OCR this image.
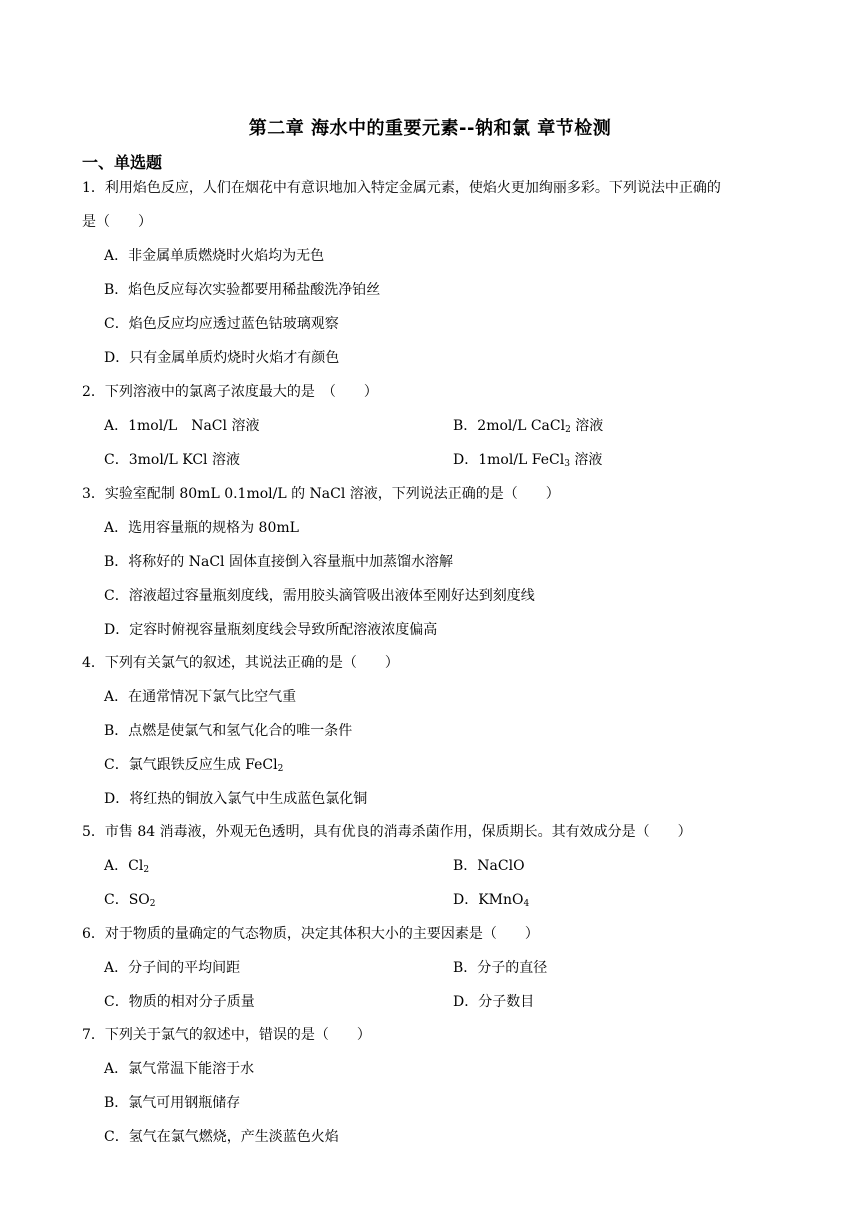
第二章 海水中的重要元素--钠和氯 章节检测
一、单选题
1．利用焰色反应，人们在烟花中有意识地加入特定金属元素，使焰火更加绚丽多彩。下列说法中正确的
是（　　）
A．非金属单质燃烧时火焰均为无色
B．焰色反应每次实验都要用稀盐酸洗净铂丝
C．焰色反应均应透过蓝色钴玻璃观察
D．只有金属单质灼烧时火焰才有颜色
2．下列溶液中的氯离子浓度最大的是　（　　）
A．1mol/L　NaCl 溶液	B．2mol/L CaCl$_2$ 溶液
C．3mol/L KCl 溶液	D．1mol/L FeCl$_3$ 溶液
3．实验室配制 80mL 0.1mol/L 的 NaCl 溶液，下列说法正确的是（　　）
A．选用容量瓶的规格为 80mL
B．将称好的 NaCl 固体直接倒入容量瓶中加蒸馏水溶解
C．溶液超过容量瓶刻度线，需用胶头滴管吸出液体至刚好达到刻度线
D．定容时俯视容量瓶刻度线会导致所配溶液浓度偏高
4．下列有关氯气的叙述，其说法正确的是（　　）
A．在通常情况下氯气比空气重
B．点燃是使氯气和氢气化合的唯一条件
C．氯气跟铁反应生成 FeCl$_2$
D．将红热的铜放入氯气中生成蓝色氯化铜
5．市售 84 消毒液，外观无色透明，具有优良的消毒杀菌作用，保质期长。其有效成分是（　　）
A．$Cl_2$	B．NaClO
C．$SO_2$	D．KMnO$_4$
6．对于物质的量确定的气态物质，决定其体积大小的主要因素是（　　）
A．分子间的平均间距	B．分子的直径
C．物质的相对分子质量	D．分子数目
7．下列关于氯气的叙述中，错误的是（　　）
A．氯气常温下能溶于水
B．氯气可用钢瓶储存
C．氢气在氯气燃烧，产生淡蓝色火焰
